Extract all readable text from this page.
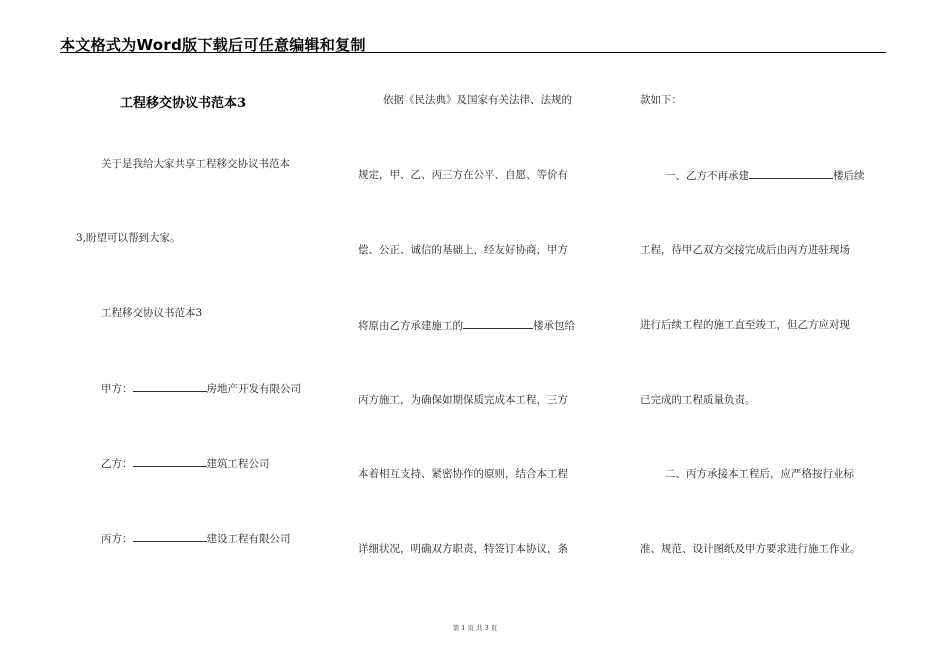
本文格式为Word版下载后可任意编辑和复制
工程移交协议书范本3
关于是我给大家共享工程移交协议书范本
3,盼望可以帮到大家。
工程移交协议书范本3
甲方：	房地产开发有限公司
乙方：	建筑工程公司
丙方：	建设工程有限公司
依据《民法典》及国家有关法律、法规的
规定，甲、乙、丙三方在公平、自愿、等价有
偿、公正、诚信的基础上，经友好协商，甲方
将原由乙方承建施工的	楼承包给
丙方施工，为确保如期保质完成本工程，三方
本着相互支持、紧密协作的原则，结合本工程
详细状况，明确双方职责，特签订本协议，条
款如下：
一、乙方不再承建	楼后续
工程，待甲乙双方交接完成后由丙方进驻现场
进行后续工程的施工直至竣工，但乙方应对现
已完成的工程质量负责。
二、丙方承接本工程后，应严格按行业标
准、规范、设计图纸及甲方要求进行施工作业。
第 1 页 共 3 页
